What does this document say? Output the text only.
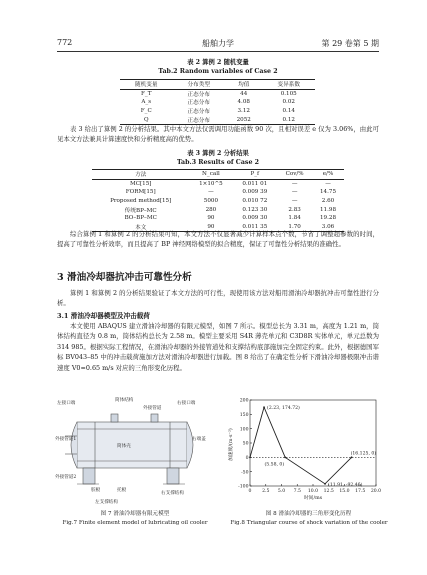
772	船舶力学	第 29 卷第 5 期
表 2 算例 2 随机变量
Tab.2 Random variables of Case 2
随机变量	分布类型	均值	变异系数
F_T	正态分布	44	0.105
A_s	正态分布	4.08	0.02
F_C	正态分布	3.12	0.14
Q	正态分布	2052	0.12

表 3 给出了算例 2 的分析结果。其中本文方法仅需调用功能函数 90 次，且相对误差 e 仅为 3.06%，由此可见本文方法兼具计算速度快和分析精度高的优势。

表 3 算例 2 分析结果
Tab.3 Results of Case 2
方法	N_call	P_f	Cov/%	e/%
MC[15]	1×10^5	0.011 01	—	—
FORM[15]	—	0.009 39	—	14.75
Proposed method[15]	5000	0.010 72	—	2.60
传统BP–MC	280	0.123 30	2.83	11.98
BO–BP–MC	90	0.009 30	1.84	19.28
本文	90	0.011 35	1.70	3.06

综合算例 1 和算例 2 的分析结果可知，本文方法不仅显著减少计算样本点个数，节省了调整超参数的时间，提高了可靠性分析效率，而且提高了 BP 神经网络模型的拟合精度，保证了可靠性分析结果的准确性。

3 滑油冷却器抗冲击可靠性分析

算例 1 和算例 2 的分析结果验证了本文方法的可行性，现使用该方法对船用滑油冷却器抗冲击可靠性进行分析。

3.1 滑油冷却器模型及冲击载荷

本文使用 ABAQUS 建立滑油冷却器的有限元模型，如图 7 所示。模型总长为 3.31 m，高度为 1.21 m，筒体结构直径为 0.8 m，筒体结构总长为 2.58 m。模型主要采用 S4R 薄壳单元和 C3D8R 实体单元，单元总数为 314 985。根据实际工程情况，在滑油冷却器的外接管道处和支撑结构底部施加完全固定约束。此外，根据德国军标 BV043–85 中的冲击载荷施加方法对滑油冷却器进行加载。图 8 给出了在确定性分析下滑油冷却器极限冲击谐速度 V0=0.65 m/s 对应的三角形变化历程。

左接口端
筒体结构
外接管道
右接口端
外接管道1
筒体壳
右端盖
右支撑结构
左支撑结构
胶板	托板
外接管道2
图 7 滑油冷却器有限元模型
Fig.7 Finite element model of lubricating oil cooler
0 2.5 5.0 7.5 10.0 12.5 15.0 17.5 20.0
200
150
100
50
0
-50
-100
(2.23, 174.72)
(5.58, 0)
(11.91, -92.46)
(16.125, 0)
加速度/(m·s⁻²)
时间/ms
图 8 滑油冷却器的三角形变化历程
Fig.8 Triangular course of shock variation of the cooler
